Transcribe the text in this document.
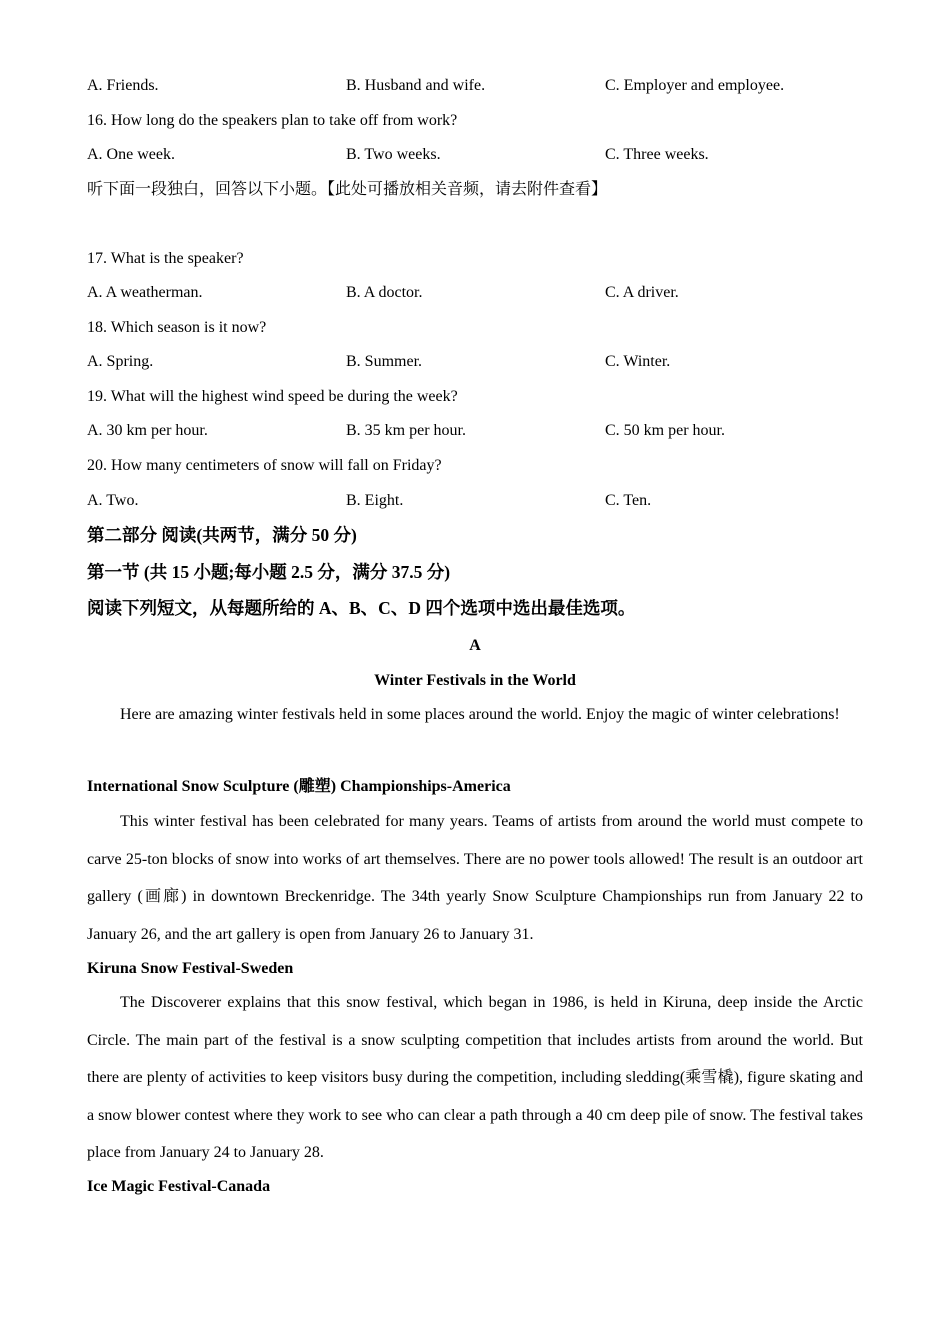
A. Friends.	B. Husband and wife.	C. Employer and employee.
16. How long do the speakers plan to take off from work?
A. One week.	B. Two weeks.	C. Three weeks.
听下面一段独白，回答以下小题。【此处可播放相关音频，请去附件查看】
17. What is the speaker?
A. A weatherman.	B. A doctor.	C. A driver.
18. Which season is it now?
A. Spring.	B. Summer.	C. Winter.
19. What will the highest wind speed be during the week?
A. 30 km per hour.	B. 35 km per hour.	C. 50 km per hour.
20. How many centimeters of snow will fall on Friday?
A. Two.	B. Eight.	C. Ten.
第二部分 阅读(共两节，满分 50 分)
第一节 (共 15 小题;每小题 2.5 分，满分 37.5 分)
阅读下列短文，从每题所给的 A、B、C、D 四个选项中选出最佳选项。
A
Winter Festivals in the World

Here are amazing winter festivals held in some places around the world. Enjoy the magic of winter celebrations!

International Snow Sculpture (雕塑) Championships-America

This winter festival has been celebrated for many years. Teams of artists from around the world must compete to carve 25-ton blocks of snow into works of art themselves. There are no power tools allowed! The result is an outdoor art gallery (画廊) in downtown Breckenridge. The 34th yearly Snow Sculpture Championships run from January 22 to January 26, and the art gallery is open from January 26 to January 31.

Kiruna Snow Festival-Sweden

The Discoverer explains that this snow festival, which began in 1986, is held in Kiruna, deep inside the Arctic Circle. The main part of the festival is a snow sculpting competition that includes artists from around the world. But there are plenty of activities to keep visitors busy during the competition, including sledding(乘雪橇), figure skating and a snow blower contest where they work to see who can clear a path through a 40 cm deep pile of snow. The festival takes place from January 24 to January 28.

Ice Magic Festival-Canada
